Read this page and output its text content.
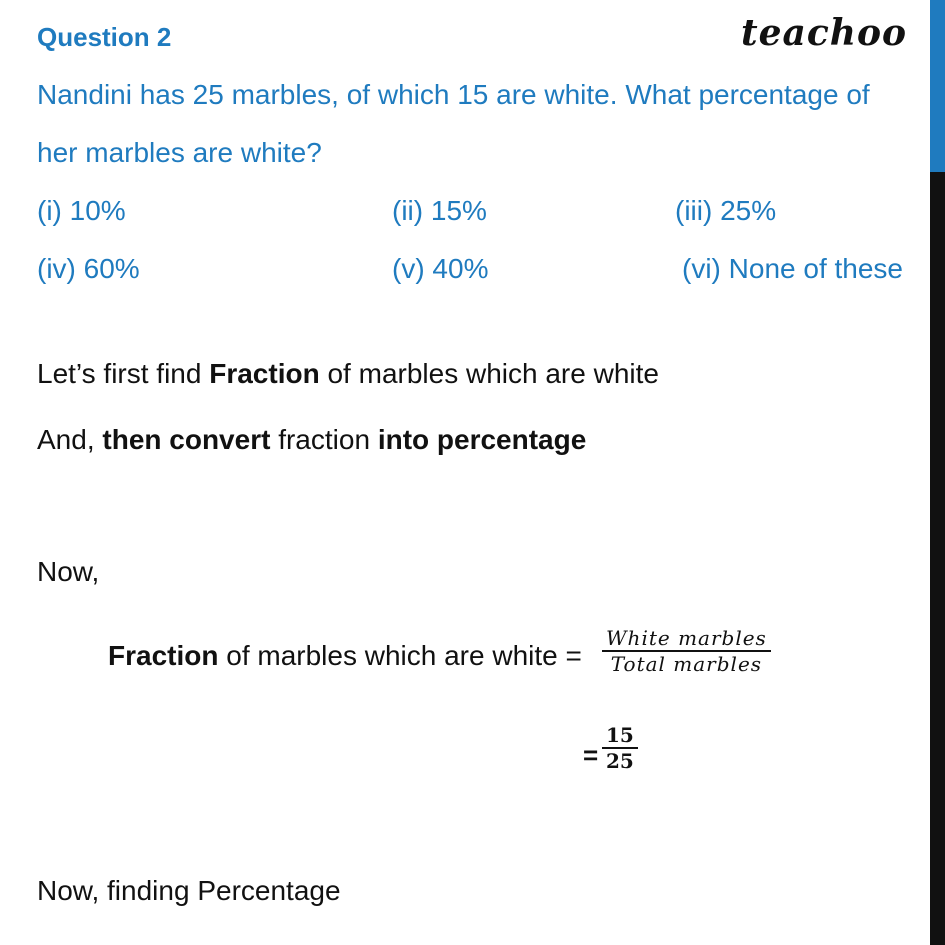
Question 2	teachoo
Nandini has 25 marbles, of which 15 are white. What percentage of
her marbles are white?
(i) 10%	(ii) 15%	(iii) 25%
(iv) 60%	(v) 40%	(vi) None of these
Let’s first find Fraction of marbles which are white
And, then convert fraction into percentage
Now,
Fraction of marbles which are white =
White marbles
Total marbles
=
15
25
Now, finding Percentage
